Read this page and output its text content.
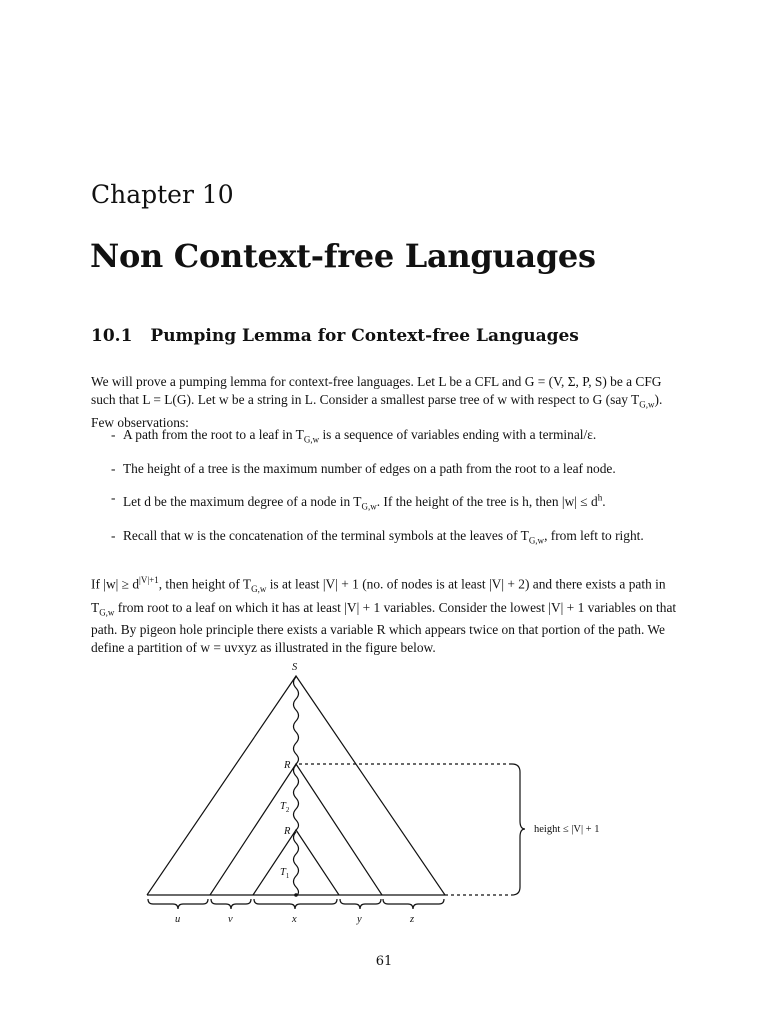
Chapter 10
Non Context-free Languages
10.1 Pumping Lemma for Context-free Languages

We will prove a pumping lemma for context-free languages. Let L be a CFL and G = (V, Σ, P, S) be a CFG such that L = L(G). Let w be a string in L. Consider a smallest parse tree of w with respect to G (say $T_{G,w}$). Few observations:

- A path from the root to a leaf in $T_{G,w}$ is a sequence of variables ending with a terminal/ε.
- The height of a tree is the maximum number of edges on a path from the root to a leaf node.
- Let d be the maximum degree of a node in $T_{G,w}$. If the height of the tree is h, then $|w| \le d^h$.
- Recall that w is the concatenation of the terminal symbols at the leaves of $T_{G,w}$, from left to right.

If $|w| \ge d^{|V|+1}$, then height of $T_{G,w}$ is at least |V| + 1 (no. of nodes is at least |V| + 2) and there exists a path in $T_{G,w}$ from root to a leaf on which it has at least |V| + 1 variables. Consider the lowest |V| + 1 variables on that path. By pigeon hole principle there exists a variable R which appears twice on that portion of the path. We define a partition of w = uvxyz as illustrated in the figure below.

S
R
R
$T_2$
$T_1$
u	v	x	y	z
height ≤ |V| + 1
61
